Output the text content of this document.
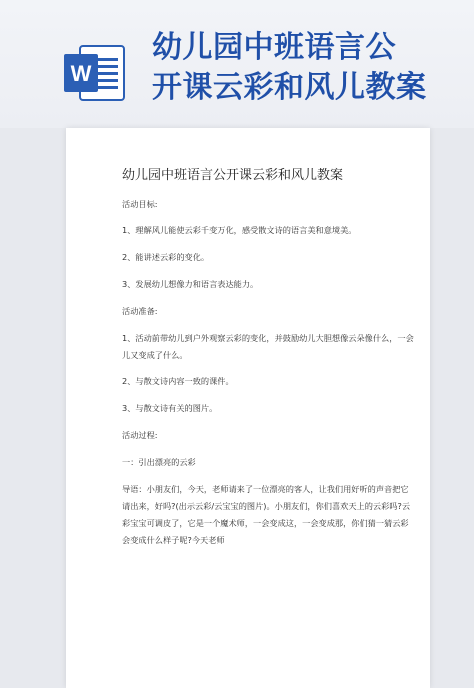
W
幼儿园中班语言公
开课云彩和风儿教案
幼儿园中班语言公开课云彩和风儿教案
活动目标:
1、理解风儿能使云彩千变万化，感受散文诗的语言美和意境美。
2、能讲述云彩的变化。
3、发展幼儿想像力和语言表达能力。
活动准备:
1、活动前带幼儿到户外观察云彩的变化，并鼓励幼儿大胆想像云朵像什么，一会儿又变成了什么。
2、与散文诗内容一致的课件。
3、与散文诗有关的图片。
活动过程:
一：引出漂亮的云彩
导语：小朋友们，今天，老师请来了一位漂亮的客人，让我们用好听的声音把它请出来，好吗?(出示云彩/云宝宝的图片)。小朋友们，你们喜欢天上的云彩吗?云彩宝宝可调皮了，它是一个魔术师，一会变成这，一会变成那，你们猜一猜云彩会变成什么样子呢?今天老师
